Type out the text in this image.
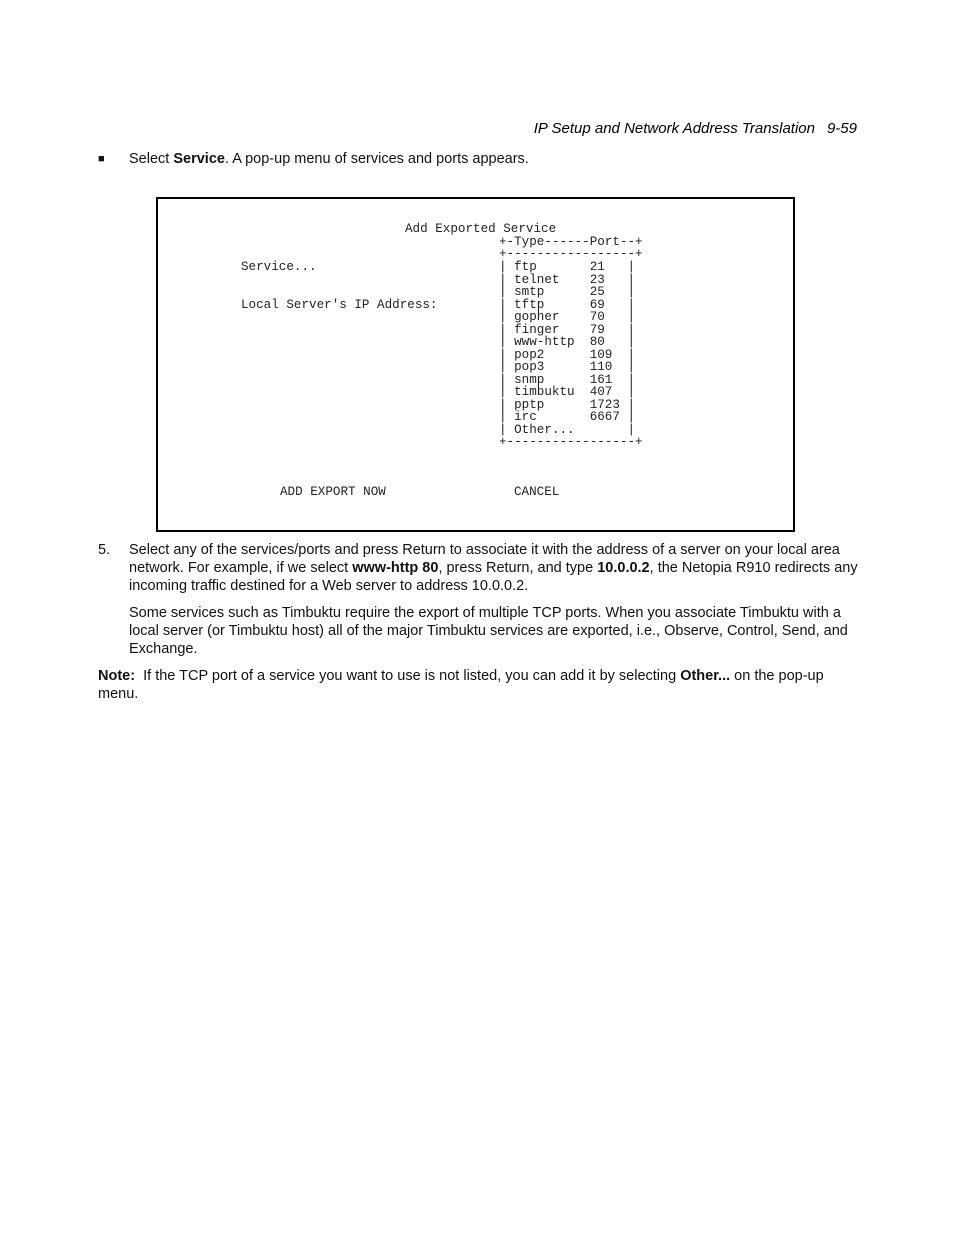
IP Setup and Network Address Translation 9-59
■ Select Service. A pop-up menu of services and ports appears.
Add Exported Service
+-Type------Port--+
+-----------------+
Service...
Local Server's IP Address:
| ftp	21 |
| telnet 23 |
| smtp	25 |
| tftp	69 |
| gopher 70 |
| finger 79 |
| www-http 80 |
| pop2	109 |
| pop3	110 |
| snmp	161 |
| timbuktu 407 |
| pptp	1723 |
| irc	6667 |
| Other...	|
+-----------------+
ADD EXPORT NOW	CANCEL
5. Select any of the services/ports and press Return to associate it with the address of a server on your local area network. For example, if we select www-http 80, press Return, and type 10.0.0.2, the Netopia R910 redirects any incoming traffic destined for a Web server to address 10.0.0.2.
Some services such as Timbuktu require the export of multiple TCP ports. When you associate Timbuktu with a local server (or Timbuktu host) all of the major Timbuktu services are exported, i.e., Observe, Control, Send, and Exchange.
Note:  If the TCP port of a service you want to use is not listed, you can add it by selecting Other... on the pop-up menu.
